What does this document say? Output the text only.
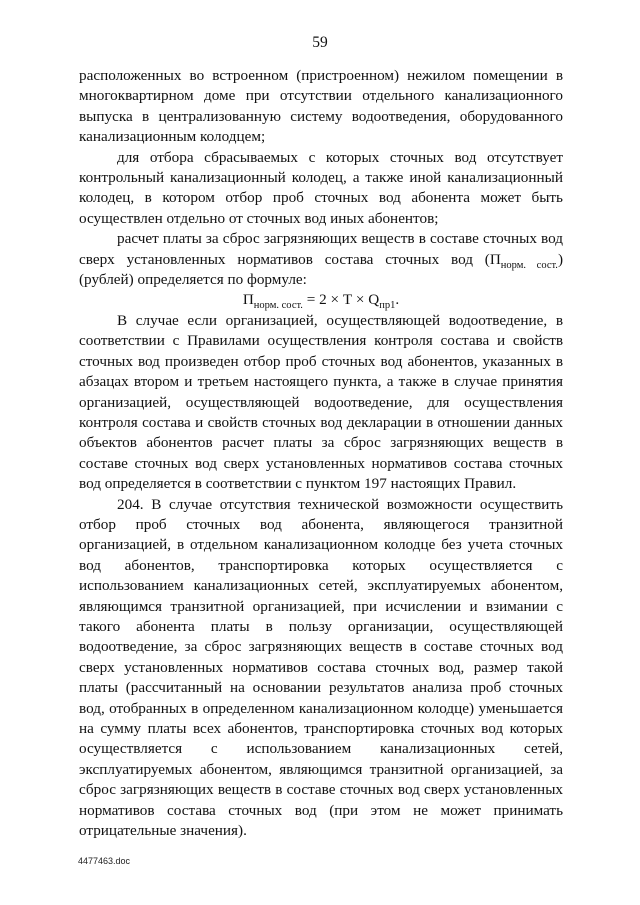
59

расположенных во встроенном (пристроенном) нежилом помещении в многоквартирном доме при отсутствии отдельного канализационного выпуска в централизованную систему водоотведения, оборудованного канализационным колодцем;

для отбора сбрасываемых с которых сточных вод отсутствует контрольный канализационный колодец, а также иной канализационный колодец, в котором отбор проб сточных вод абонента может быть осуществлен отдельно от сточных вод иных абонентов;

расчет платы за сброс загрязняющих веществ в составе сточных вод сверх установленных нормативов состава сточных вод $(П_{норм. сост.})$ (рублей) определяется по формуле:

$П_{норм. сост.} = 2 \times Т \times Q_{пр1}$.

В случае если организацией, осуществляющей водоотведение, в соответствии с Правилами осуществления контроля состава и свойств сточных вод произведен отбор проб сточных вод абонентов, указанных в абзацах втором и третьем настоящего пункта, а также в случае принятия организацией, осуществляющей водоотведение, для осуществления контроля состава и свойств сточных вод декларации в отношении данных объектов абонентов расчет платы за сброс загрязняющих веществ в составе сточных вод сверх установленных нормативов состава сточных вод определяется в соответствии с пунктом 197 настоящих Правил.

204. В случае отсутствия технической возможности осуществить отбор проб сточных вод абонента, являющегося транзитной организацией, в отдельном канализационном колодце без учета сточных вод абонентов, транспортировка которых осуществляется с использованием канализационных сетей, эксплуатируемых абонентом, являющимся транзитной организацией, при исчислении и взимании с такого абонента платы в пользу организации, осуществляющей водоотведение, за сброс загрязняющих веществ в составе сточных вод сверх установленных нормативов состава сточных вод, размер такой платы (рассчитанный на основании результатов анализа проб сточных вод, отобранных в определенном канализационном колодце) уменьшается на сумму платы всех абонентов, транспортировка сточных вод которых осуществляется с использованием канализационных сетей, эксплуатируемых абонентом, являющимся транзитной организацией, за сброс загрязняющих веществ в составе сточных вод сверх установленных нормативов состава сточных вод (при этом не может принимать отрицательные значения).

4477463.doc
